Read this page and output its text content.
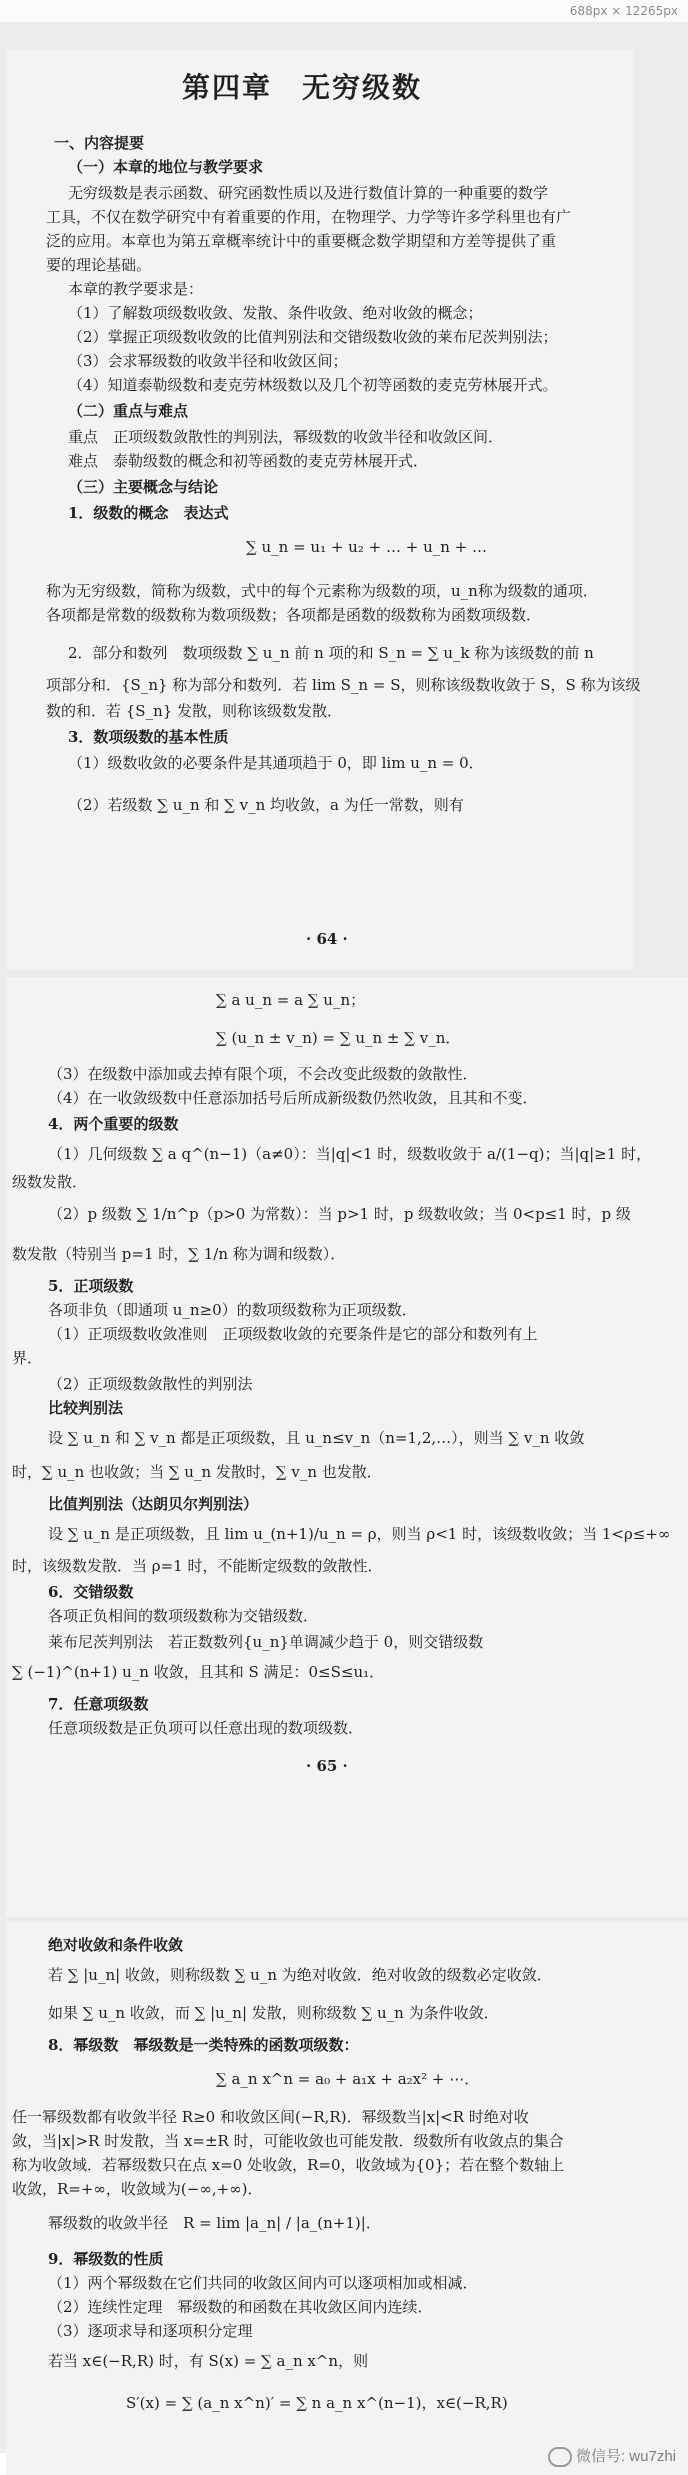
688px × 12265px
第四章　无穷级数
一、内容提要
（一）本章的地位与教学要求
无穷级数是表示函数、研究函数性质以及进行数值计算的一种重要的数学
工具，不仅在数学研究中有着重要的作用，在物理学、力学等许多学科里也有广
泛的应用。本章也为第五章概率统计中的重要概念数学期望和方差等提供了重
要的理论基础。
本章的教学要求是：
（1）了解数项级数收敛、发散、条件收敛、绝对收敛的概念；
（2）掌握正项级数收敛的比值判别法和交错级数收敛的莱布尼茨判别法；
（3）会求幂级数的收敛半径和收敛区间；
（4）知道泰勒级数和麦克劳林级数以及几个初等函数的麦克劳林展开式。
（二）重点与难点
重点　正项级数敛散性的判别法，幂级数的收敛半径和收敛区间．
难点　泰勒级数的概念和初等函数的麦克劳林展开式．
（三）主要概念与结论
1．级数的概念　表达式
∑ u_n = u₁ + u₂ + … + u_n + …
称为无穷级数，简称为级数，式中的每个元素称为级数的项，u_n称为级数的通项．
各项都是常数的级数称为数项级数；各项都是函数的级数称为函数项级数．
2．部分和数列　数项级数 ∑ u_n 前 n 项的和 S_n = ∑ u_k 称为该级数的前 n
项部分和．{S_n} 称为部分和数列．若 lim S_n = S，则称该级数收敛于 S，S 称为该级
数的和．若 {S_n} 发散，则称该级数发散．
3．数项级数的基本性质
（1）级数收敛的必要条件是其通项趋于 0，即 lim u_n = 0．
（2）若级数 ∑ u_n 和 ∑ v_n 均收敛，a 为任一常数，则有
· 64 ·
∑ a u_n = a ∑ u_n；
∑ (u_n ± v_n) = ∑ u_n ± ∑ v_n．
（3）在级数中添加或去掉有限个项，不会改变此级数的敛散性．
（4）在一收敛级数中任意添加括号后所成新级数仍然收敛，且其和不变．
4．两个重要的级数
（1）几何级数 ∑ a q^(n−1)（a≠0）：当|q|<1 时，级数收敛于 a/(1−q)；当|q|≥1 时，
级数发散．
（2）p 级数 ∑ 1/n^p（p>0 为常数）：当 p>1 时，p 级数收敛；当 0<p≤1 时，p 级
数发散（特别当 p=1 时，∑ 1/n 称为调和级数）．
5．正项级数
各项非负（即通项 u_n≥0）的数项级数称为正项级数．
（1）正项级数收敛准则　正项级数收敛的充要条件是它的部分和数列有上
界．
（2）正项级数敛散性的判别法
比较判别法
设 ∑ u_n 和 ∑ v_n 都是正项级数，且 u_n≤v_n（n=1,2,…），则当 ∑ v_n 收敛
时，∑ u_n 也收敛；当 ∑ u_n 发散时，∑ v_n 也发散．
比值判别法（达朗贝尔判别法）
设 ∑ u_n 是正项级数，且 lim u_(n+1)/u_n = ρ，则当 ρ<1 时，该级数收敛；当 1<ρ≤+∞
时，该级数发散．当 ρ=1 时，不能断定级数的敛散性．
6．交错级数
各项正负相间的数项级数称为交错级数．
莱布尼茨判别法　若正数数列{u_n}单调减少趋于 0，则交错级数
∑ (−1)^(n+1) u_n 收敛，且其和 S 满足：0≤S≤u₁．
7．任意项级数
任意项级数是正负项可以任意出现的数项级数．
· 65 ·
绝对收敛和条件收敛
若 ∑ |u_n| 收敛，则称级数 ∑ u_n 为绝对收敛．绝对收敛的级数必定收敛．
如果 ∑ u_n 收敛，而 ∑ |u_n| 发散，则称级数 ∑ u_n 为条件收敛．
8．幂级数　幂级数是一类特殊的函数项级数：
∑ a_n x^n = a₀ + a₁x + a₂x² + ⋯．
任一幂级数都有收敛半径 R≥0 和收敛区间(−R,R)．幂级数当|x|<R 时绝对收
敛，当|x|>R 时发散，当 x=±R 时，可能收敛也可能发散．级数所有收敛点的集合
称为收敛域．若幂级数只在点 x=0 处收敛，R=0，收敛域为{0}；若在整个数轴上
收敛，R=+∞，收敛域为(−∞,+∞)．
幂级数的收敛半径　R = lim |a_n| / |a_(n+1)|．
9．幂级数的性质
（1）两个幂级数在它们共同的收敛区间内可以逐项相加或相减．
（2）连续性定理　幂级数的和函数在其收敛区间内连续．
（3）逐项求导和逐项积分定理
若当 x∈(−R,R) 时，有 S(x) = ∑ a_n x^n，则
S′(x) = ∑ (a_n x^n)′ = ∑ n a_n x^(n−1)，x∈(−R,R)
微信号: wu7zhi
